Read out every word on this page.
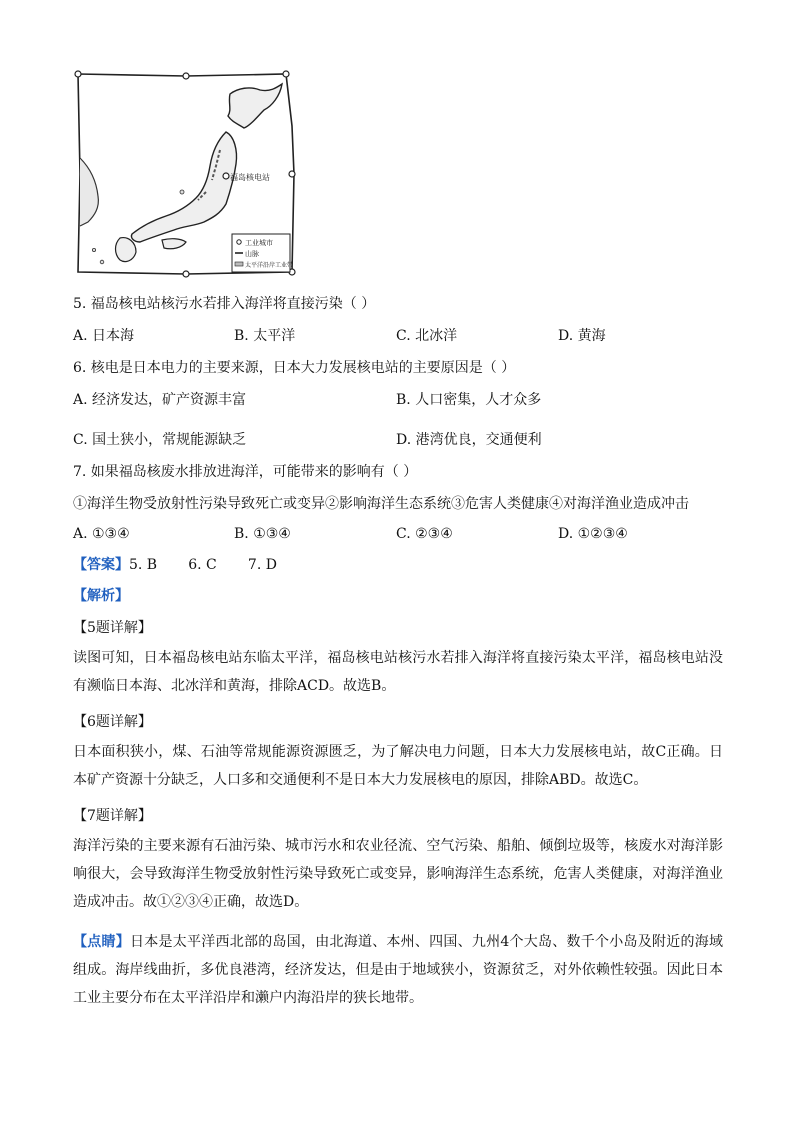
福岛核电站
工业城市
山脉
太平洋沿岸工业带
5. 福岛核电站核污水若排入海洋将直接污染（ ）
A. 日本海	B. 太平洋	C. 北冰洋	D. 黄海
6. 核电是日本电力的主要来源，日本大力发展核电站的主要原因是（ ）
A. 经济发达，矿产资源丰富	B. 人口密集，人才众多
C. 国土狭小，常规能源缺乏	D. 港湾优良，交通便利
7. 如果福岛核废水排放进海洋，可能带来的影响有（ ）
①海洋生物受放射性污染导致死亡或变异②影响海洋生态系统③危害人类健康④对海洋渔业造成冲击
A. ①③④	B. ①③④	C. ②③④	D. ①②③④
【答案】5. B       6. C       7. D
【解析】
【5题详解】
读图可知，日本福岛核电站东临太平洋，福岛核电站核污水若排入海洋将直接污染太平洋，福岛核电站没有濒临日本海、北冰洋和黄海，排除ACD。故选B。
【6题详解】
日本面积狭小，煤、石油等常规能源资源匮乏，为了解决电力问题，日本大力发展核电站，故C正确。日本矿产资源十分缺乏，人口多和交通便利不是日本大力发展核电的原因，排除ABD。故选C。
【7题详解】
海洋污染的主要来源有石油污染、城市污水和农业径流、空气污染、船舶、倾倒垃圾等，核废水对海洋影响很大，会导致海洋生物受放射性污染导致死亡或变异，影响海洋生态系统，危害人类健康，对海洋渔业造成冲击。故①②③④正确，故选D。
【点睛】日本是太平洋西北部的岛国，由北海道、本州、四国、九州4个大岛、数千个小岛及附近的海域组成。海岸线曲折，多优良港湾，经济发达，但是由于地域狭小，资源贫乏，对外依赖性较强。因此日本工业主要分布在太平洋沿岸和濑户内海沿岸的狭长地带。
